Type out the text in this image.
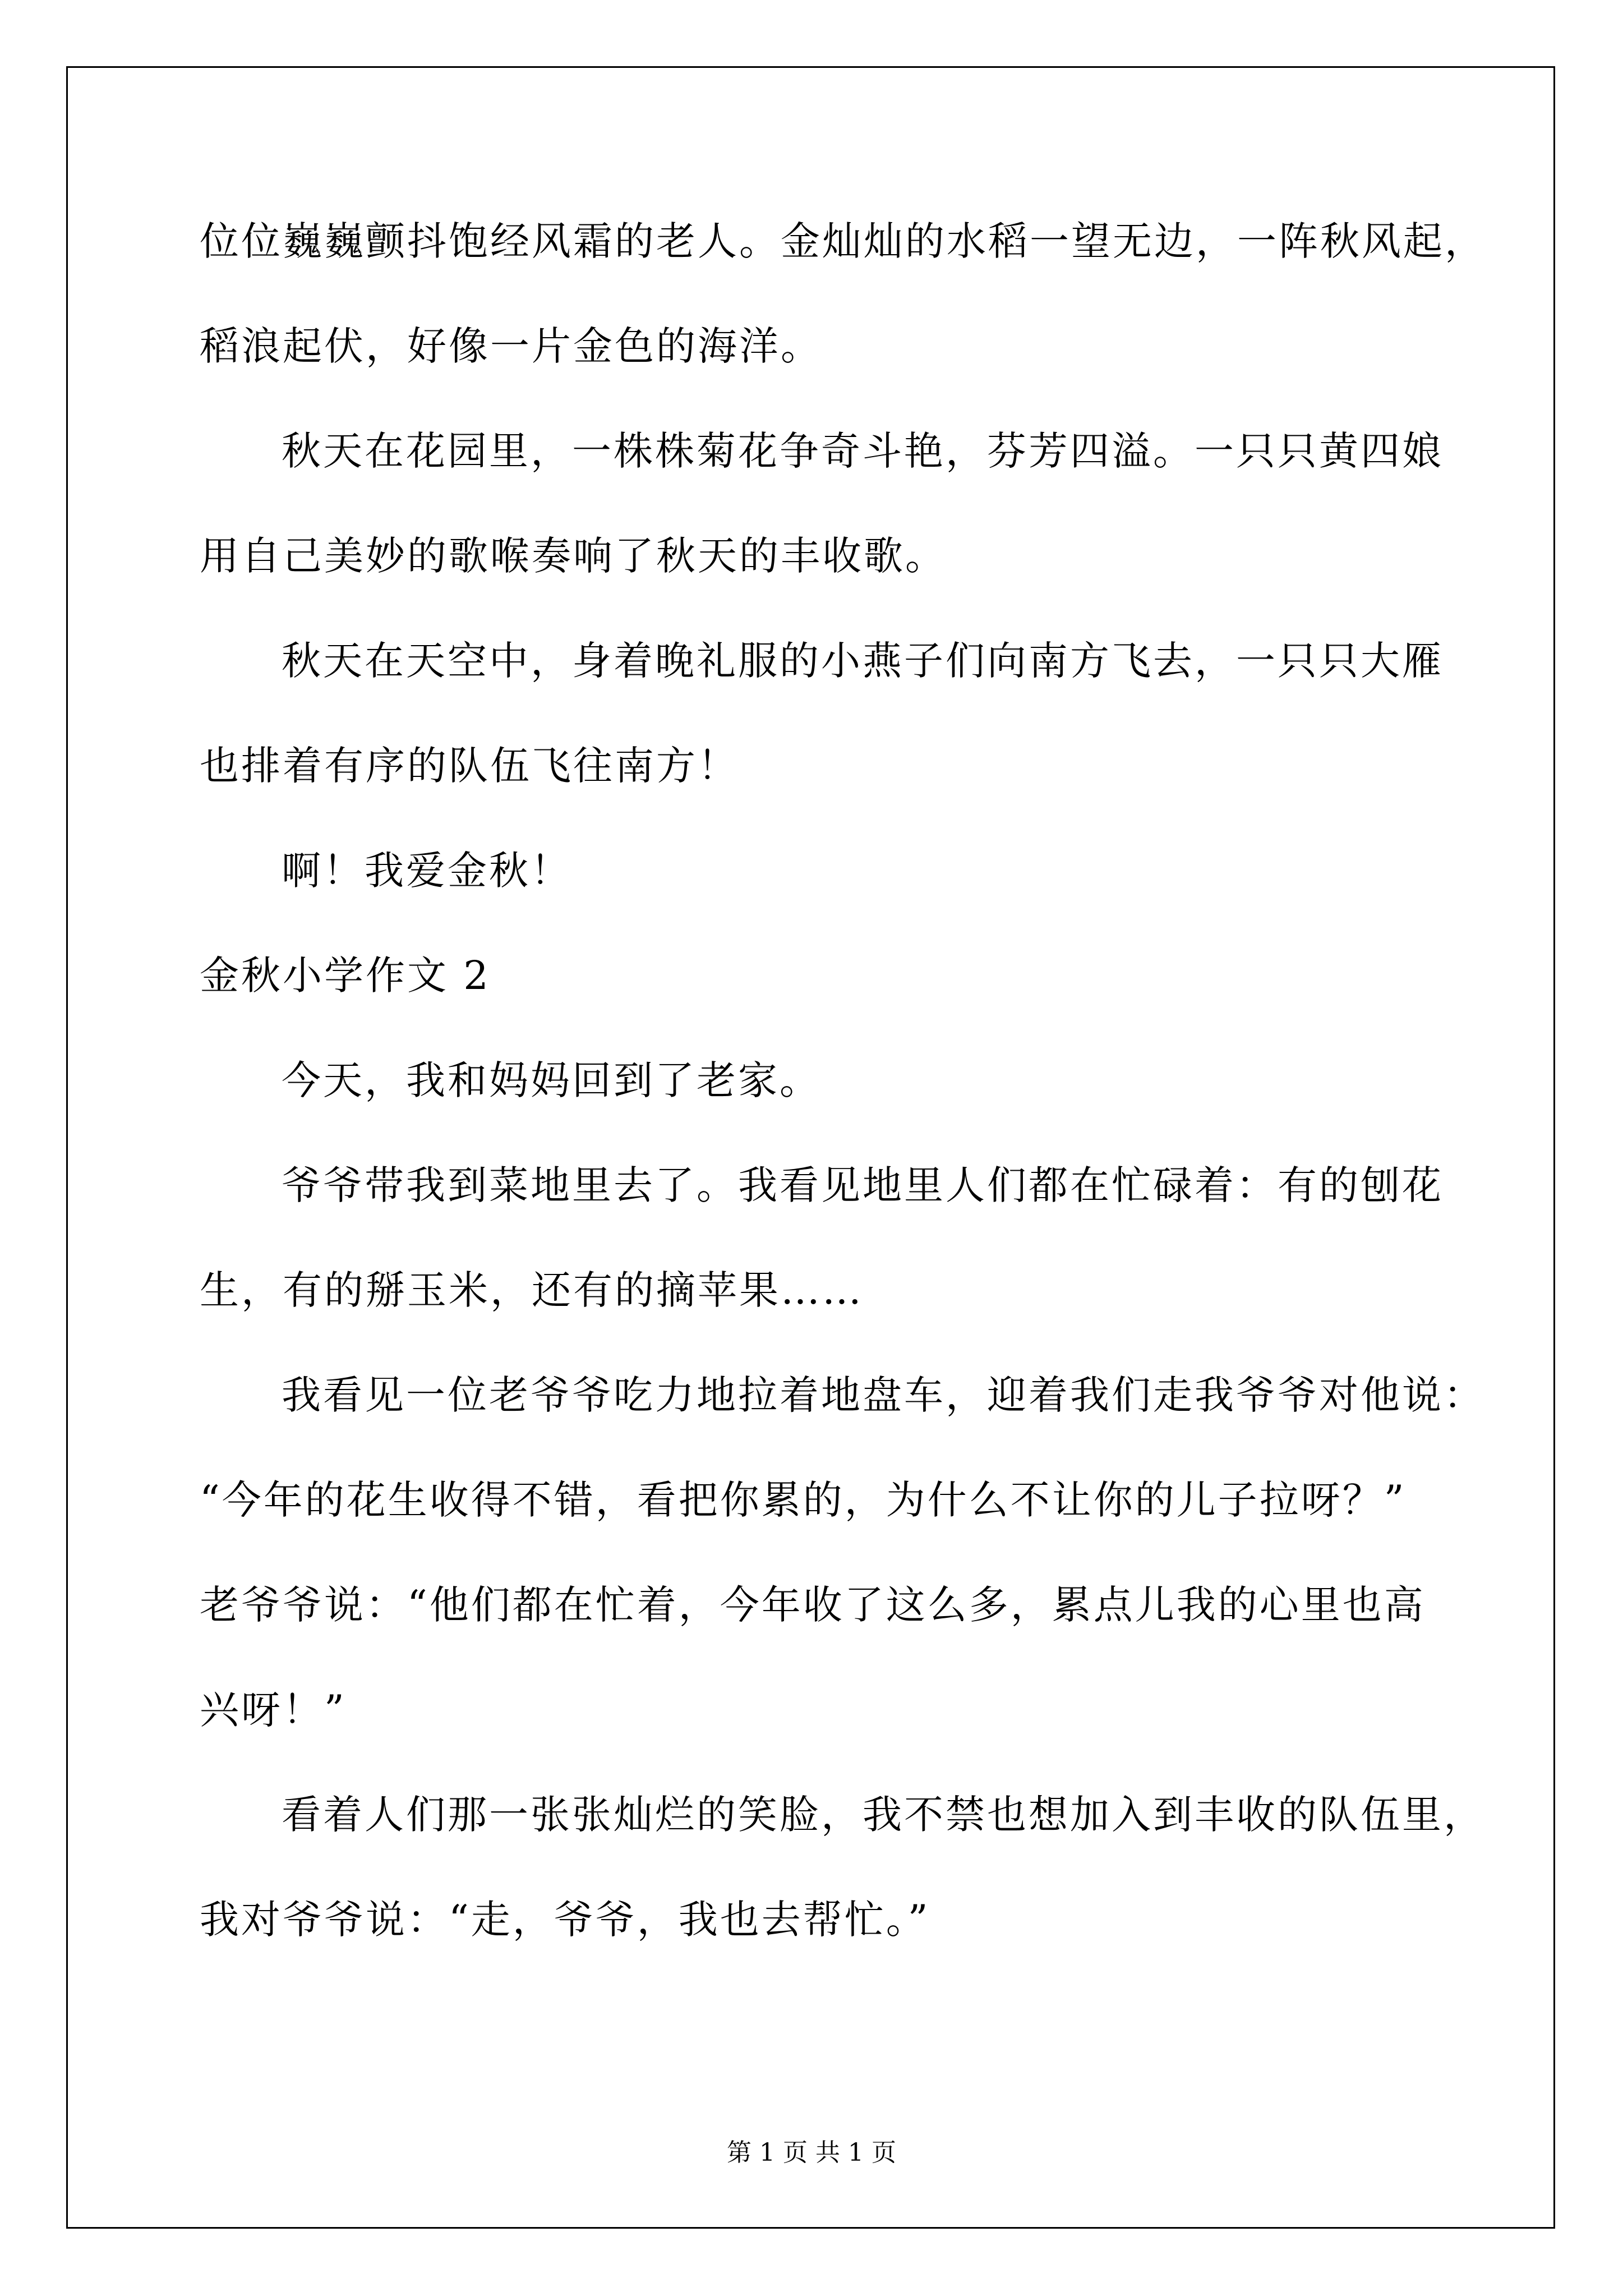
位位巍巍颤抖饱经风霜的老人。金灿灿的水稻一望无边，一阵秋风起，
稻浪起伏，好像一片金色的海洋。
秋天在花园里，一株株菊花争奇斗艳，芬芳四溢。一只只黄四娘
用自己美妙的歌喉奏响了秋天的丰收歌。
秋天在天空中，身着晚礼服的小燕子们向南方飞去，一只只大雁
也排着有序的队伍飞往南方！
啊！我爱金秋！
金秋小学作文 2
今天，我和妈妈回到了老家。
爷爷带我到菜地里去了。我看见地里人们都在忙碌着：有的刨花
生，有的掰玉米，还有的摘苹果……
我看见一位老爷爷吃力地拉着地盘车，迎着我们走我爷爷对他说：
“今年的花生收得不错，看把你累的，为什么不让你的儿子拉呀？”
老爷爷说：“他们都在忙着，今年收了这么多，累点儿我的心里也高
兴呀！”
看着人们那一张张灿烂的笑脸，我不禁也想加入到丰收的队伍里，
我对爷爷说：“走，爷爷，我也去帮忙。”
第 1 页 共 1 页
